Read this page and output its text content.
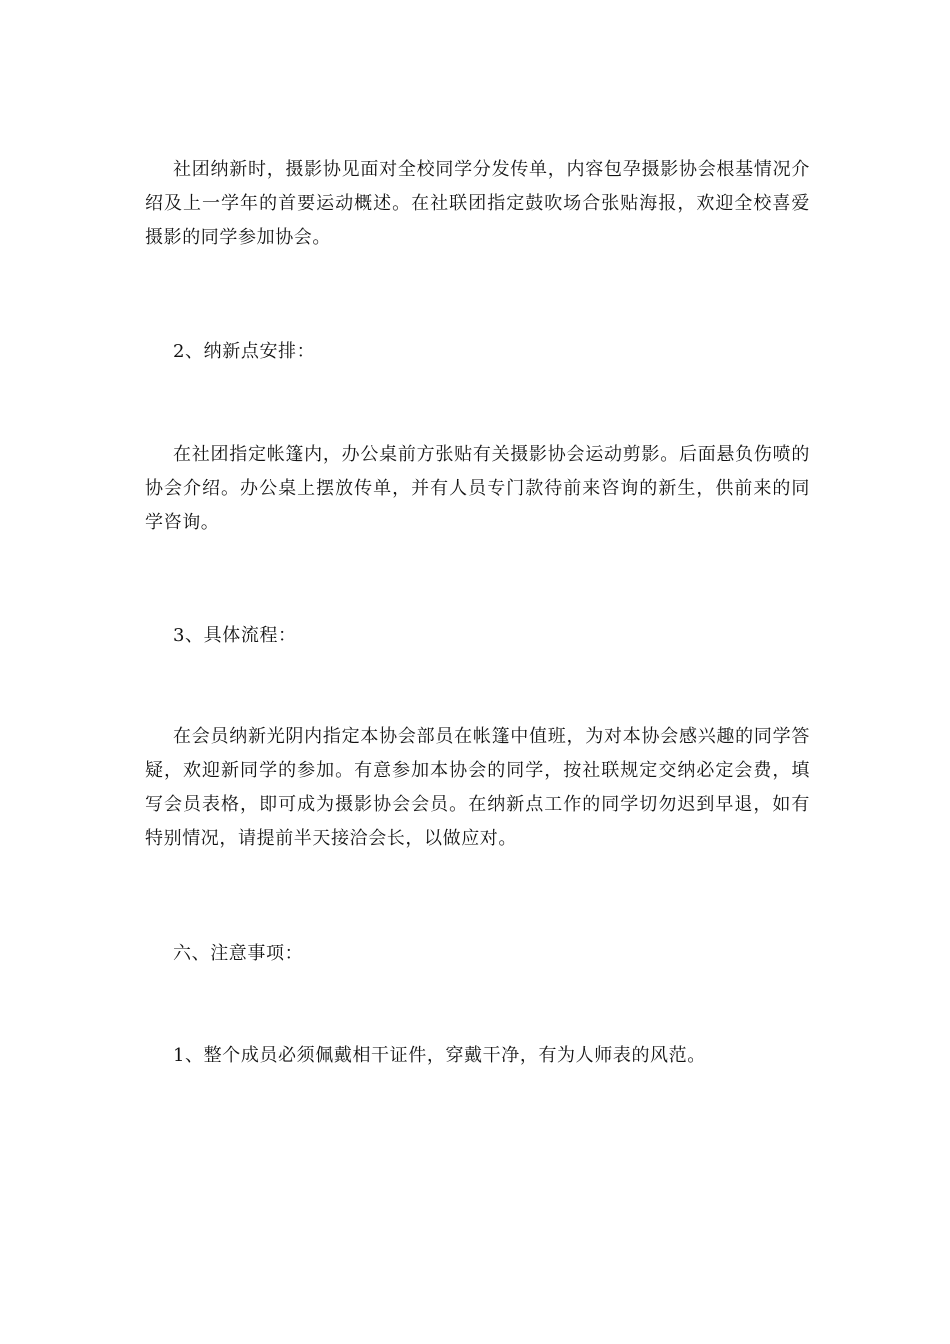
社团纳新时，摄影协见面对全校同学分发传单，内容包孕摄影协会根基情况介绍及上一学年的首要运动概述。在社联团指定鼓吹场合张贴海报，欢迎全校喜爱摄影的同学参加协会。

2、纳新点安排：

在社团指定帐篷内，办公桌前方张贴有关摄影协会运动剪影。后面悬负伤喷的协会介绍。办公桌上摆放传单，并有人员专门款待前来咨询的新生，供前来的同学咨询。

3、具体流程：

在会员纳新光阴内指定本协会部员在帐篷中值班，为对本协会感兴趣的同学答疑，欢迎新同学的参加。有意参加本协会的同学，按社联规定交纳必定会费，填写会员表格，即可成为摄影协会会员。在纳新点工作的同学切勿迟到早退，如有特别情况，请提前半天接洽会长，以做应对。

六、注意事项：

1、整个成员必须佩戴相干证件，穿戴干净，有为人师表的风范。
